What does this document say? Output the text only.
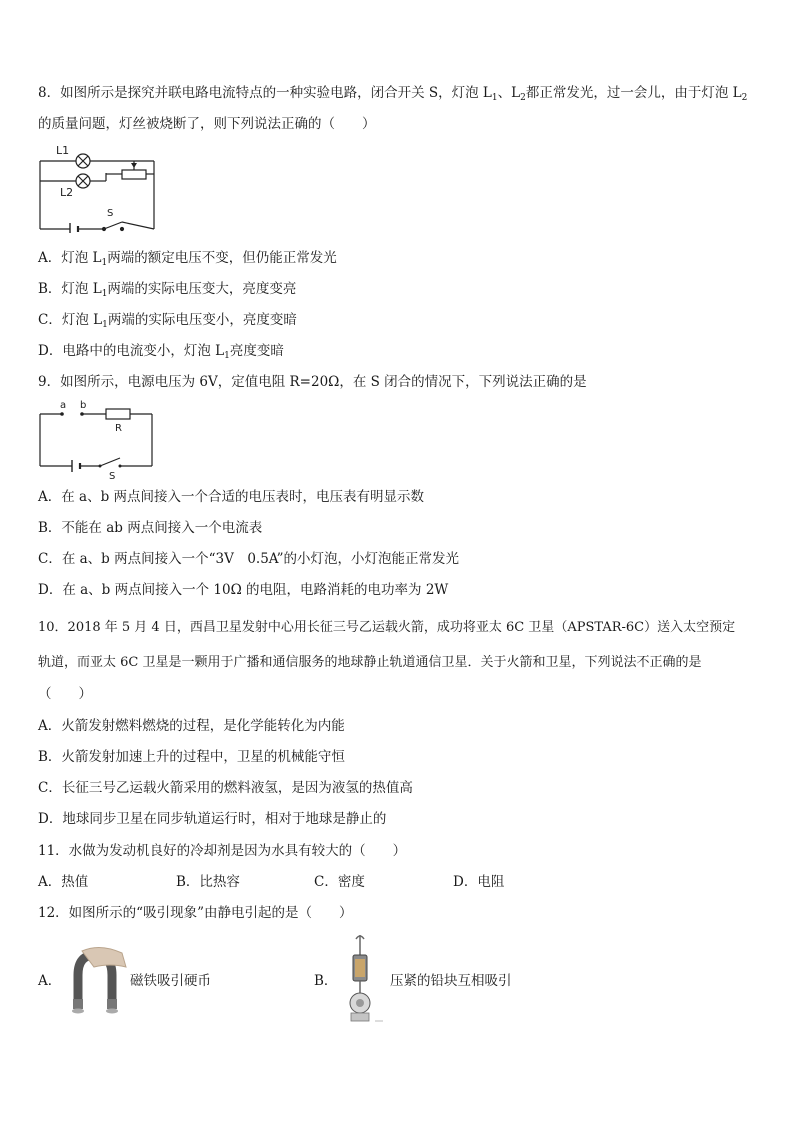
8．如图所示是探究并联电路电流特点的一种实验电路，闭合开关 S，灯泡 $L_1$、$L_2$都正常发光，过一会儿，由于灯泡 $L_2$
的质量问题，灯丝被烧断了，则下列说法正确的（　　）
L1
L2
S
A．灯泡 $L_1$两端的额定电压不变，但仍能正常发光
B．灯泡 $L_1$两端的实际电压变大，亮度变亮
C．灯泡 $L_1$两端的实际电压变小，亮度变暗
D．电路中的电流变小，灯泡 $L_1$亮度变暗
9．如图所示，电源电压为 6V，定值电阻 R=20Ω，在 S 闭合的情况下，下列说法正确的是
a b
R
S
A．在 a、b 两点间接入一个合适的电压表时，电压表有明显示数
B．不能在 ab 两点间接入一个电流表
C．在 a、b 两点间接入一个“3V　0.5A”的小灯泡，小灯泡能正常发光
D．在 a、b 两点间接入一个 10Ω 的电阻，电路消耗的电功率为 2W
10．2018 年 5 月 4 日，西昌卫星发射中心用长征三号乙运载火箭，成功将亚太 6C 卫星（APSTAR-6C）送入太空预定
轨道，而亚太 6C 卫星是一颗用于广播和通信服务的地球静止轨道通信卫星．关于火箭和卫星，下列说法不正确的是
（　　）
A．火箭发射燃料燃烧的过程，是化学能转化为内能
B．火箭发射加速上升的过程中，卫星的机械能守恒
C．长征三号乙运载火箭采用的燃料液氢，是因为液氢的热值高
D．地球同步卫星在同步轨道运行时，相对于地球是静止的
11．水做为发动机良好的冷却剂是因为水具有较大的（　　）
A．热值	B．比热容	C．密度	D．电阻
12．如图所示的“吸引现象”由静电引起的是（　　）
A．	磁铁吸引硬币	B．	压紧的铅块互相吸引
